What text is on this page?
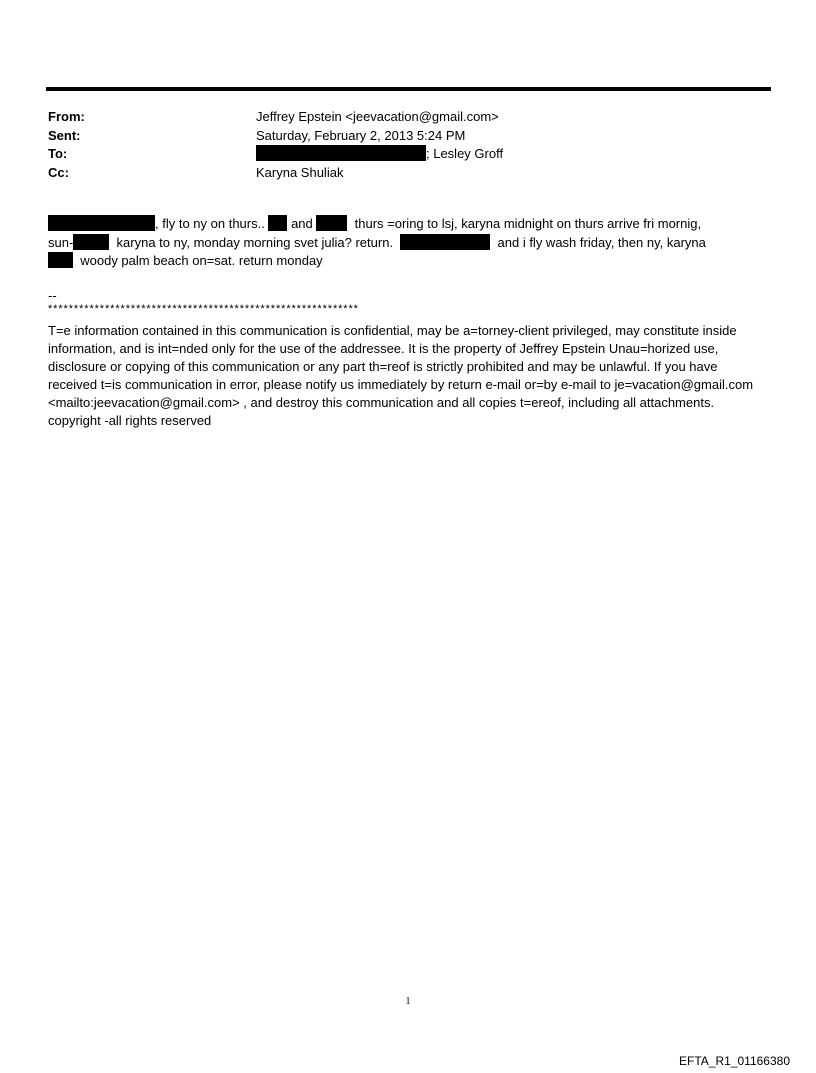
From:	Jeffrey Epstein <jeevacation@gmail.com>
Sent:	Saturday, February 2, 2013 5:24 PM
To:	; Lesley Groff
Cc:	Karyna Shuliak
, fly to ny on thurs.. and	thurs =oring to lsj, karyna midnight on thurs arrive fri mornig,
sun-	karyna to ny, monday morning svet julia? return.	and i fly wash friday, then ny, karyna
woody palm beach on=sat. return monday
--
************************************************************
T=e information contained in this communication is confidential, may be a=torney-client privileged, may constitute inside information, and is int=nded only for the use of the addressee. It is the property of Jeffrey Epstein Unau=horized use, disclosure or copying of this communication or any part th=reof is strictly prohibited and may be unlawful. If you have received t=is communication in error, please notify us immediately by return e-mail or=by e-mail to je=vacation@gmail.com <mailto:jeevacation@gmail.com> , and destroy this communication and all copies t=ereof, including all attachments. copyright -all rights reserved
1
EFTA_R1_01166380
